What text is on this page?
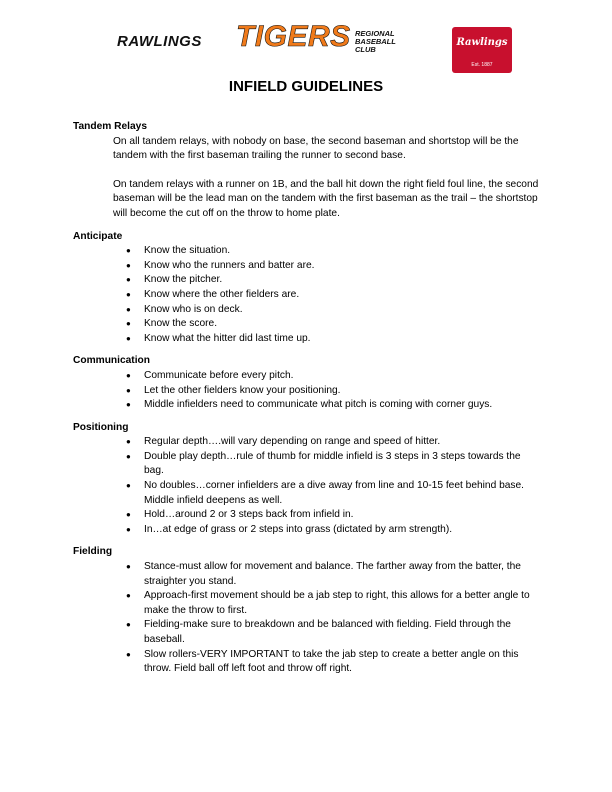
RAWLINGS TIGERS REGIONAL
BASEBALL
CLUB
Rawlings
Est. 1887
INFIELD GUIDELINES
Tandem Relays
On all tandem relays, with nobody on base, the second baseman and shortstop will be the tandem with the first baseman trailing the runner to second base.
On tandem relays with a runner on 1B, and the ball hit down the right field foul line, the second baseman will be the lead man on the tandem with the first baseman as the trail – the shortstop will become the cut off on the throw to home plate.
Anticipate
● Know the situation.
● Know who the runners and batter are.
● Know the pitcher.
● Know where the other fielders are.
● Know who is on deck.
● Know the score.
● Know what the hitter did last time up.
Communication
● Communicate before every pitch.
● Let the other fielders know your positioning.
● Middle infielders need to communicate what pitch is coming with corner guys.
Positioning
● Regular depth….will vary depending on range and speed of hitter.
● Double play depth…rule of thumb for middle infield is 3 steps in 3 steps towards the bag.
● No doubles…corner infielders are a dive away from line and 10-15 feet behind base. Middle infield deepens as well.
● Hold…around 2 or 3 steps back from infield in.
● In…at edge of grass or 2 steps into grass (dictated by arm strength).
Fielding
● Stance-must allow for movement and balance. The farther away from the batter, the straighter you stand.
● Approach-first movement should be a jab step to right, this allows for a better angle to make the throw to first.
● Fielding-make sure to breakdown and be balanced with fielding. Field through the baseball.
● Slow rollers-VERY IMPORTANT to take the jab step to create a better angle on this throw. Field ball off left foot and throw off right.
